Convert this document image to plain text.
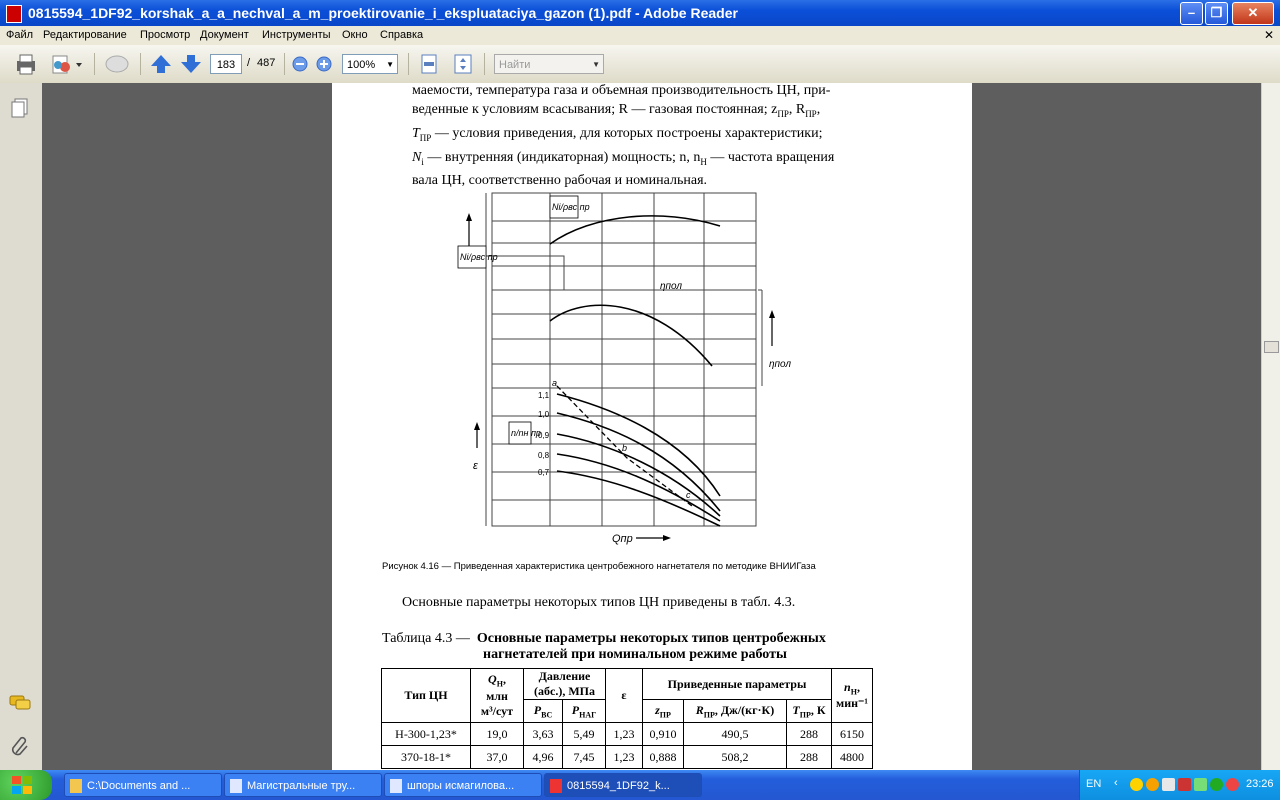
0815594_1DF92_korshak_a_a_nechval_a_m_proektirovanie_i_ekspluataciya_gazon (1).pdf - Adobe Reader	–	❐	✕
Файл Редактирование Просмотр Документ Инструменты Окно Справка	✕
183	/ 487	100% ▼	Найти	▼
маемости, температура газа и объемная производительность ЦН, при-
веденные к условиям всасывания; R — газовая постоянная; $z_{ПР}$, $R_{ПР}$,
$T_{ПР}$ — условия приведения, для которых построены характеристики;
$N_i$ — внутренняя (индикаторная) мощность; n, $n_Н$ — частота вращения
вала ЦН, соответственно рабочая и номинальная.
Ni/ρвс пр
Ni/ρвс пр
ηпол
ηпол
n/nн пр
ε
Qпр
a
b
c
1,1
1,0
0,9
0,8
0,7
Рисунок 4.16 — Приведенная характеристика центробежного нагнетателя по методике ВНИИГаза
Основные параметры некоторых типов ЦН приведены в табл. 4.3.
Таблица 4.3 — Основные параметры некоторых типов центробежных
нагнетателей при номинальном режиме работы
Тип ЦН	$Q_Н$,
млн
м³/сут	Давление (абс.), МПа		ε	Приведенные параметры			$n_Н$, мин⁻¹
		$P_{ВС}$	$P_{НАГ}$		$z_{ПР}$	$R_{ПР}$, Дж/(кг·К)	$T_{ПР}$, К	
Н-300-1,23*	19,0	3,63	5,49	1,23	0,910	490,5	288	6150
370-18-1*	37,0	4,96	7,45	1,23	0,888	508,2	288	4800
C:\Documents and ...	Магистральные тру...	шпоры исмагилова...	0815594_1DF92_k...	EN ‹	23:26
